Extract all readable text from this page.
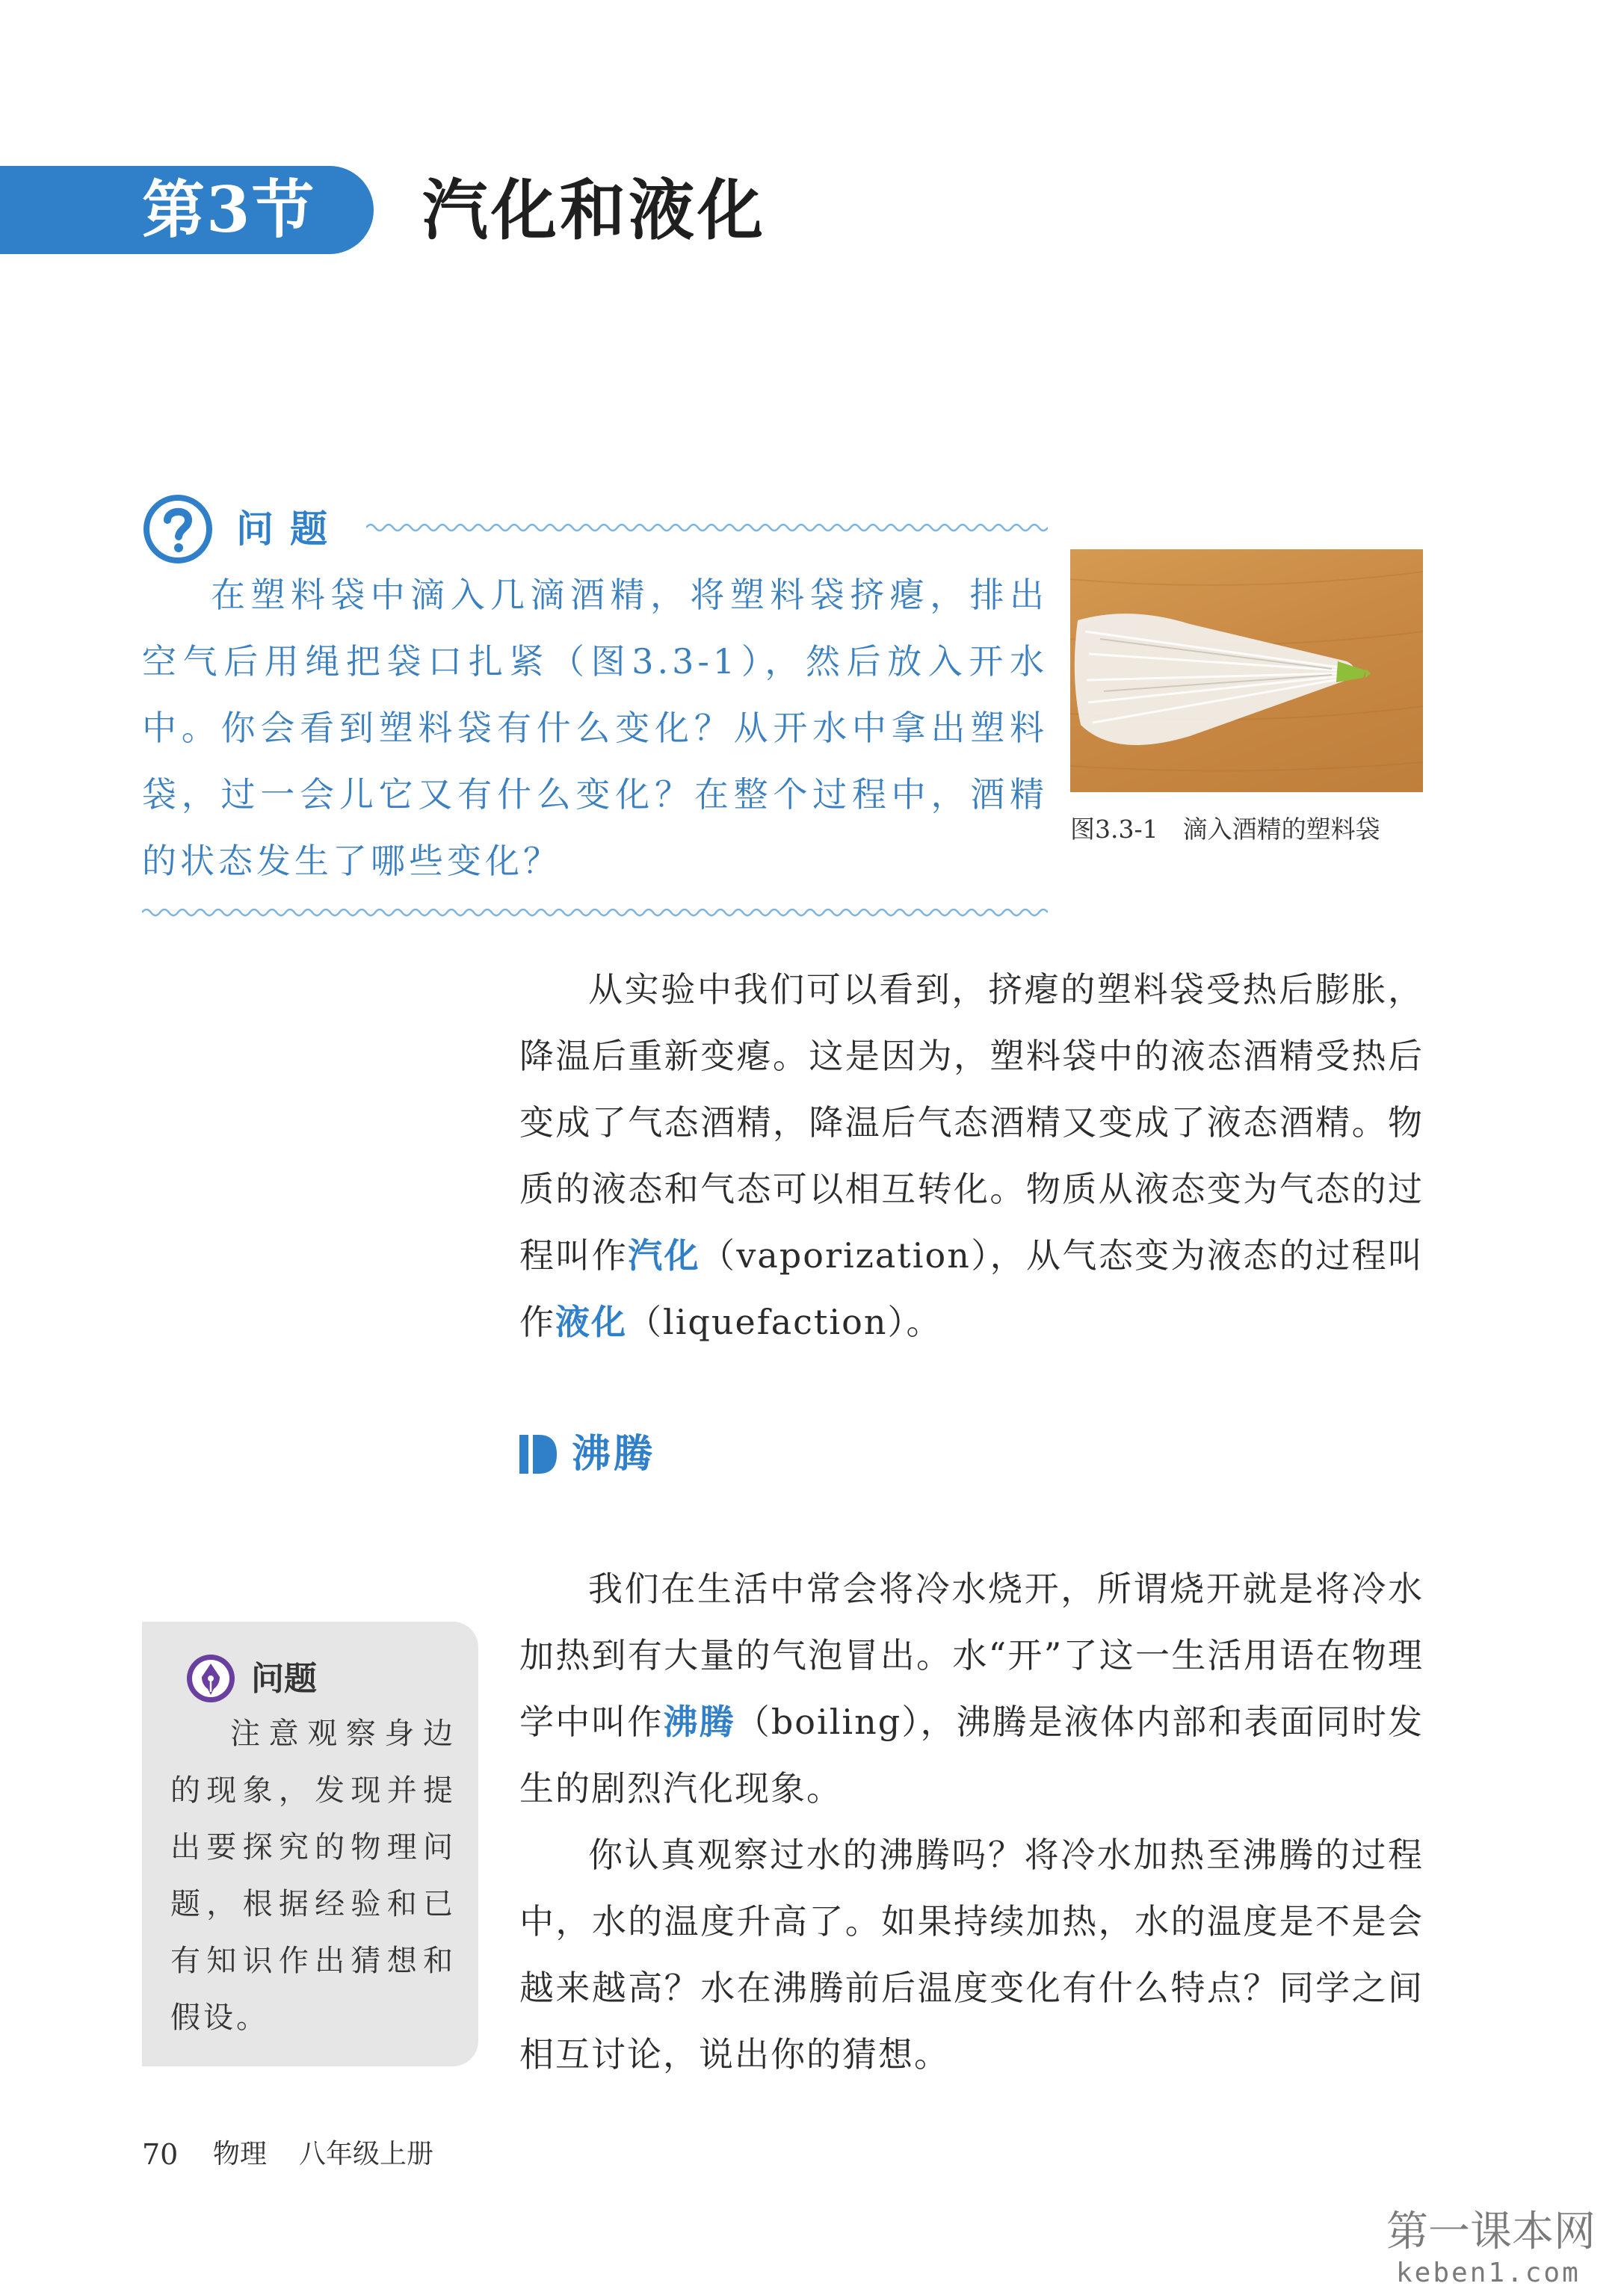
第3节 汽化和液化
问题
在塑料袋中滴入几滴酒精，将塑料袋挤瘪，排出空气后用绳把袋口扎紧（图3.3-1），然后放入开水中。你会看到塑料袋有什么变化？从开水中拿出塑料袋，过一会儿它又有什么变化？在整个过程中，酒精的状态发生了哪些变化？
图3.3-1　滴入酒精的塑料袋
从实验中我们可以看到，挤瘪的塑料袋受热后膨胀，降温后重新变瘪。这是因为，塑料袋中的液态酒精受热后变成了气态酒精，降温后气态酒精又变成了液态酒精。物质的液态和气态可以相互转化。物质从液态变为气态的过程叫作汽化（vaporization），从气态变为液态的过程叫作液化（liquefaction）。
沸腾
我们在生活中常会将冷水烧开，所谓烧开就是将冷水加热到有大量的气泡冒出。水“开”了这一生活用语在物理学中叫作沸腾（boiling），沸腾是液体内部和表面同时发生的剧烈汽化现象。
你认真观察过水的沸腾吗？将冷水加热至沸腾的过程中，水的温度升高了。如果持续加热，水的温度是不是会越来越高？水在沸腾前后温度变化有什么特点？同学之间相互讨论，说出你的猜想。
问题
注意观察身边的现象，发现并提出要探究的物理问题，根据经验和已有知识作出猜想和假设。
70 物理 八年级上册
第一课本网
keben1.com
